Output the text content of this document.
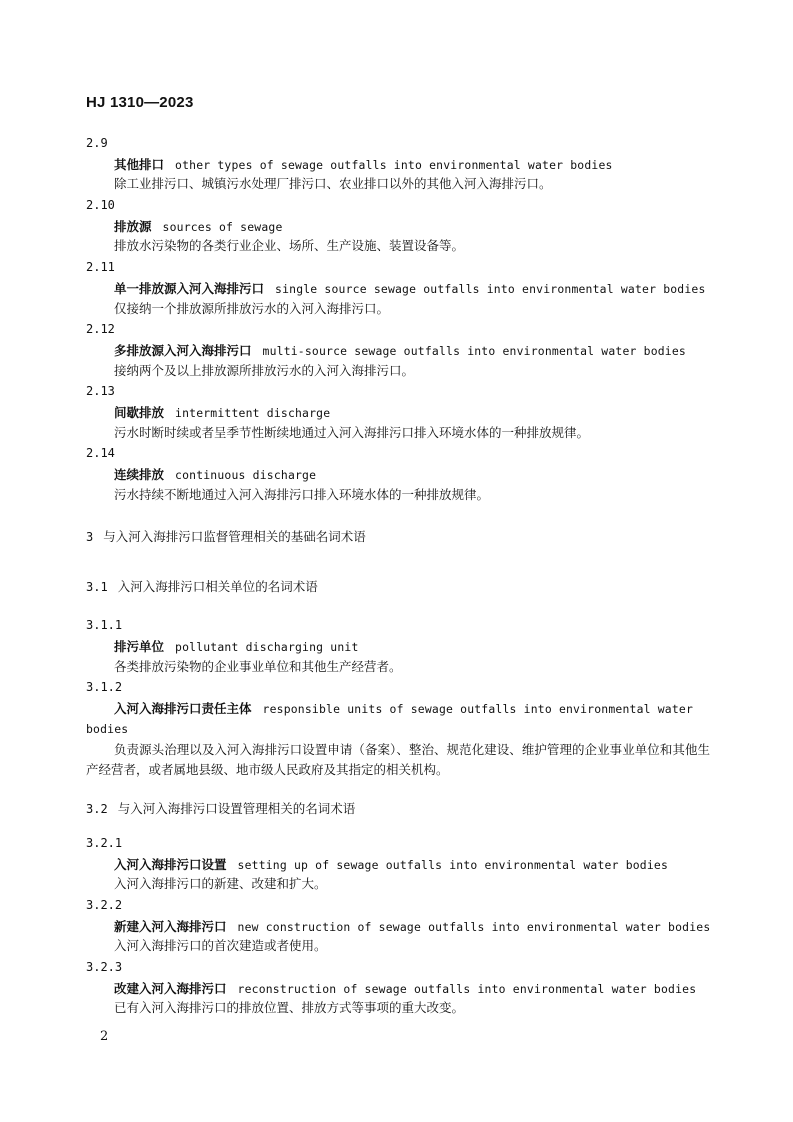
HJ 1310—2023
2.9
其他排口 other types of sewage outfalls into environmental water bodies
除工业排污口、城镇污水处理厂排污口、农业排口以外的其他入河入海排污口。
2.10
排放源 sources of sewage
排放水污染物的各类行业企业、场所、生产设施、装置设备等。
2.11
单一排放源入河入海排污口 single source sewage outfalls into environmental water bodies
仅接纳一个排放源所排放污水的入河入海排污口。
2.12
多排放源入河入海排污口 multi-source sewage outfalls into environmental water bodies
接纳两个及以上排放源所排放污水的入河入海排污口。
2.13
间歇排放 intermittent discharge
污水时断时续或者呈季节性断续地通过入河入海排污口排入环境水体的一种排放规律。
2.14
连续排放 continuous discharge
污水持续不断地通过入河入海排污口排入环境水体的一种排放规律。
3 与入河入海排污口监督管理相关的基础名词术语
3.1 入河入海排污口相关单位的名词术语
3.1.1
排污单位 pollutant discharging unit
各类排放污染物的企业事业单位和其他生产经营者。
3.1.2
入河入海排污口责任主体 responsible units of sewage outfalls into environmental water
bodies
负责源头治理以及入河入海排污口设置申请（备案）、整治、规范化建设、维护管理的企业事业单位和其他生产经营者，或者属地县级、地市级人民政府及其指定的相关机构。
3.2 与入河入海排污口设置管理相关的名词术语
3.2.1
入河入海排污口设置 setting up of sewage outfalls into environmental water bodies
入河入海排污口的新建、改建和扩大。
3.2.2
新建入河入海排污口 new construction of sewage outfalls into environmental water bodies
入河入海排污口的首次建造或者使用。
3.2.3
改建入河入海排污口 reconstruction of sewage outfalls into environmental water bodies
已有入河入海排污口的排放位置、排放方式等事项的重大改变。
2
